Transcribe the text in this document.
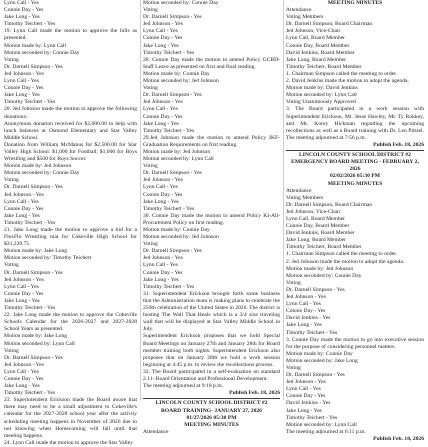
Lynn Call - Yes
Connie Day - Yes
Jake Long - Yes
Timothy Teichert - Yes
19. Lynn Call made the motion to approve the bills as presented.
Motion made by: Lynn Call
Motion seconded by: Connie Day
Voting
Dr. Darnell Simpson - Yes
Jed Johnson - Yes
Lynn Call - Yes
Connie Day - Yes
Jake Long - Yes
Timothy Teichert - Yes
20. Jed Johnson made the motion to approve the following donations:
Anonymous donation received for $2,000.00 to help with lunch balances at Osmond Elementary and Star Valley Middle School.
Donation from William McManus for $2,500.00 for Star Valley High School. $1,000 for Football, $1,000 for Boys Wrestling and $500 for Boys Soccer.
Motion made by: Jed Johnson
Motion seconded by: Connie Day
Voting
Dr. Darnell Simpson - Yes
Jed Johnson - Yes
Lynn Call - Yes
Connie Day - Yes
Jake Long - Yes
Timothy Teichert - Yes
21. Jake Long made the motion to approve a bid for a FlexFlo Wrestling mat for Cokeville High School for $31,228.75
Motion made by: Jake Long
Motion seconded by: Timothy Teichert
Voting
Dr. Darnell Simpson - Yes
Jed Johnson - Yes
Lynn Call - Yes
Connie Day - Yes
Jake Long - Yes
Timothy Teichert - Yes
22. Jake Long made the motion to approve the Cokeville Schools Calendar for the 2026-2027 and 2027-2028 School Years as presented.
Motion made by: Jake Long
Motion seconded by: Lynn Call
Voting
Dr. Darnell Simpson - Yes
Jed Johnson - Yes
Lynn Call - Yes
Connie Day - Yes
Jake Long - Yes
Timothy Teichert - Yes
23. Superintendent Erickson made the Board aware that there may need to be a small adjustment to Cokeville's calendar for the 2027-2028 school year after the activity scheduling meeting happens in November of 2026 due to not knowing when Homecoming will fall until that meeting happens.
24. Lynn Call made the motion to approve the Star Valley
Motion seconded by: Connie Day
Voting
Dr. Darnell Simpson - Yes
Jed Johnson - Yes
Lynn Call - Yes
Connie Day - Yes
Jake Long - Yes
Timothy Teichert - Yes
28. Connie Day made the motion to amend Policy GCBD-Staff Leave as presented on first and final reading.
Motion made by: Connie Day
Motion seconded by: Jed Johnson
Voting
Dr. Darnell Simpson - Yes
Jed Johnson - Yes
Lynn Call - Yes
Connie Day - Yes
Jake Long - Yes
Timothy Teichert - Yes
29.Jed Johnson made the motion to amend Policy IKF-Graduation Requirements on first reading.
Motion made by: Jed Johnson
Motion seconded by: Lynn Call
Voting
Dr. Darnell Simpson - Yes
Jed Johnson - Yes
Lynn Call - Yes
Connie Day - Yes
Jake Long - Yes
Timothy Teichert - Yes
30. Connie Day made the motion to amend Policy KI-All-Procurement Policy on first reading.
Motion made by: Connie Day
Motion seconded by: Jed Johnson
Voting
Dr. Darnell Simpson - Yes
Jed Johnson - Yes
Lynn Call - Yes
Connie Day - Yes
Jake Long - Yes
Timothy Teichert - Yes
31. Superintendent Erickson brought forth some business that the Administration team is making plans to celebrate the 250th celebration of the United States in 2026. The district is hosting The Wall That Heals which is a 3/4 size traveling wall that will be displayed at Star Valley Middle School in July.
Superintendent Erickson proposes that we hold Special Board Meetings on January 27th and January 28th for Board member training both nights. Superintendent Erickson also proposes that on January 28th we hold a work session beginning at 4:45 p.m. to review the recollections process.
32. The Board participated in a self-evaluation on standard 2.11- Board Orientation and Professional Development.
The meeting adjourned at 9:18 p.m.
Publish Feb. 18, 2026
LINCOLN COUNTY SCHOOL DISTRICT #2
BOARD TRAINING- JANUARY 27, 2026
01/27/2026 05:30 PM
MEETING MINUTES
Attendance
MEETING MINUTES
Attendance
Voting Members
Dr. Darnell Simpson, Board Chairman
Jed Johnson, Vice-Chair
Lynn Call, Board Member
Connie Day, Board Member
David Jenkins, Board Member
Jake Long, Board Member
Timothy Teichert, Board Member
1. Chairman Simpson called the meeting to order.
2. David Jenkins made the motion to adopt the agenda.
Motion made by: David Jenkins
Motion seconded by: Lynn Call
Voting Unanimously Approved
3. The Board participated in a work session with Superintendent Erickson, Mr. Jesse Hawley, Mr. Ty Rokkey, and Mr. Korey Hickman regarding the upcoming recollections as well as a Board training with Dr. Leo Pittzel. The meeting adjourned at 7:56 p.m.
Publish Feb. 18, 2026
LINCOLN COUNTY SCHOOL DISTRICT #2
EMERGENCY BOARD MEETING - FEBRUARY 2, 2026
02/02/2026 05:30 PM
MEETING MINUTES
Attendance
Voting Members
Dr. Darnell Simpson, Board Chairman
Jed Johnson, Vice-Chair
Lynn Call, Board Member
Connie Day, Board Member
David Jenkins, Board Member
Jake Long, Board Member
Timothy Teichert, Board Member
1. Chairman Simpson called the meeting to order.
2. Jed Johnson made the motion to adopt the agenda.
Motion made by: Jed Johnson
Motion seconded by: Connie Day
Voting
Dr. Darnell Simpson - Yes
Jed Johnson - Yes
Lynn Call - Yes
Connie Day - Yes
David Jenkins - Yes
Jake Long - Yes
Timothy Teichert - Yes
3. Connie Day made the motion to go into executive session for the purpose of considering personnel matters.
Motion made by: Connie Day
Motion seconded by: Jake Long
Voting
Dr. Darnell Simpson - Yes
Jed Johnson - Yes
Lynn Call - Yes
Connie Day - Yes
David Jenkins - Yes
Jake Long - Yes
Timothy Teichert - Yes
Motion seconded by: Lynn Call
The meeting adjourned at 6:11 p.m.
Publish Feb. 18, 2026
